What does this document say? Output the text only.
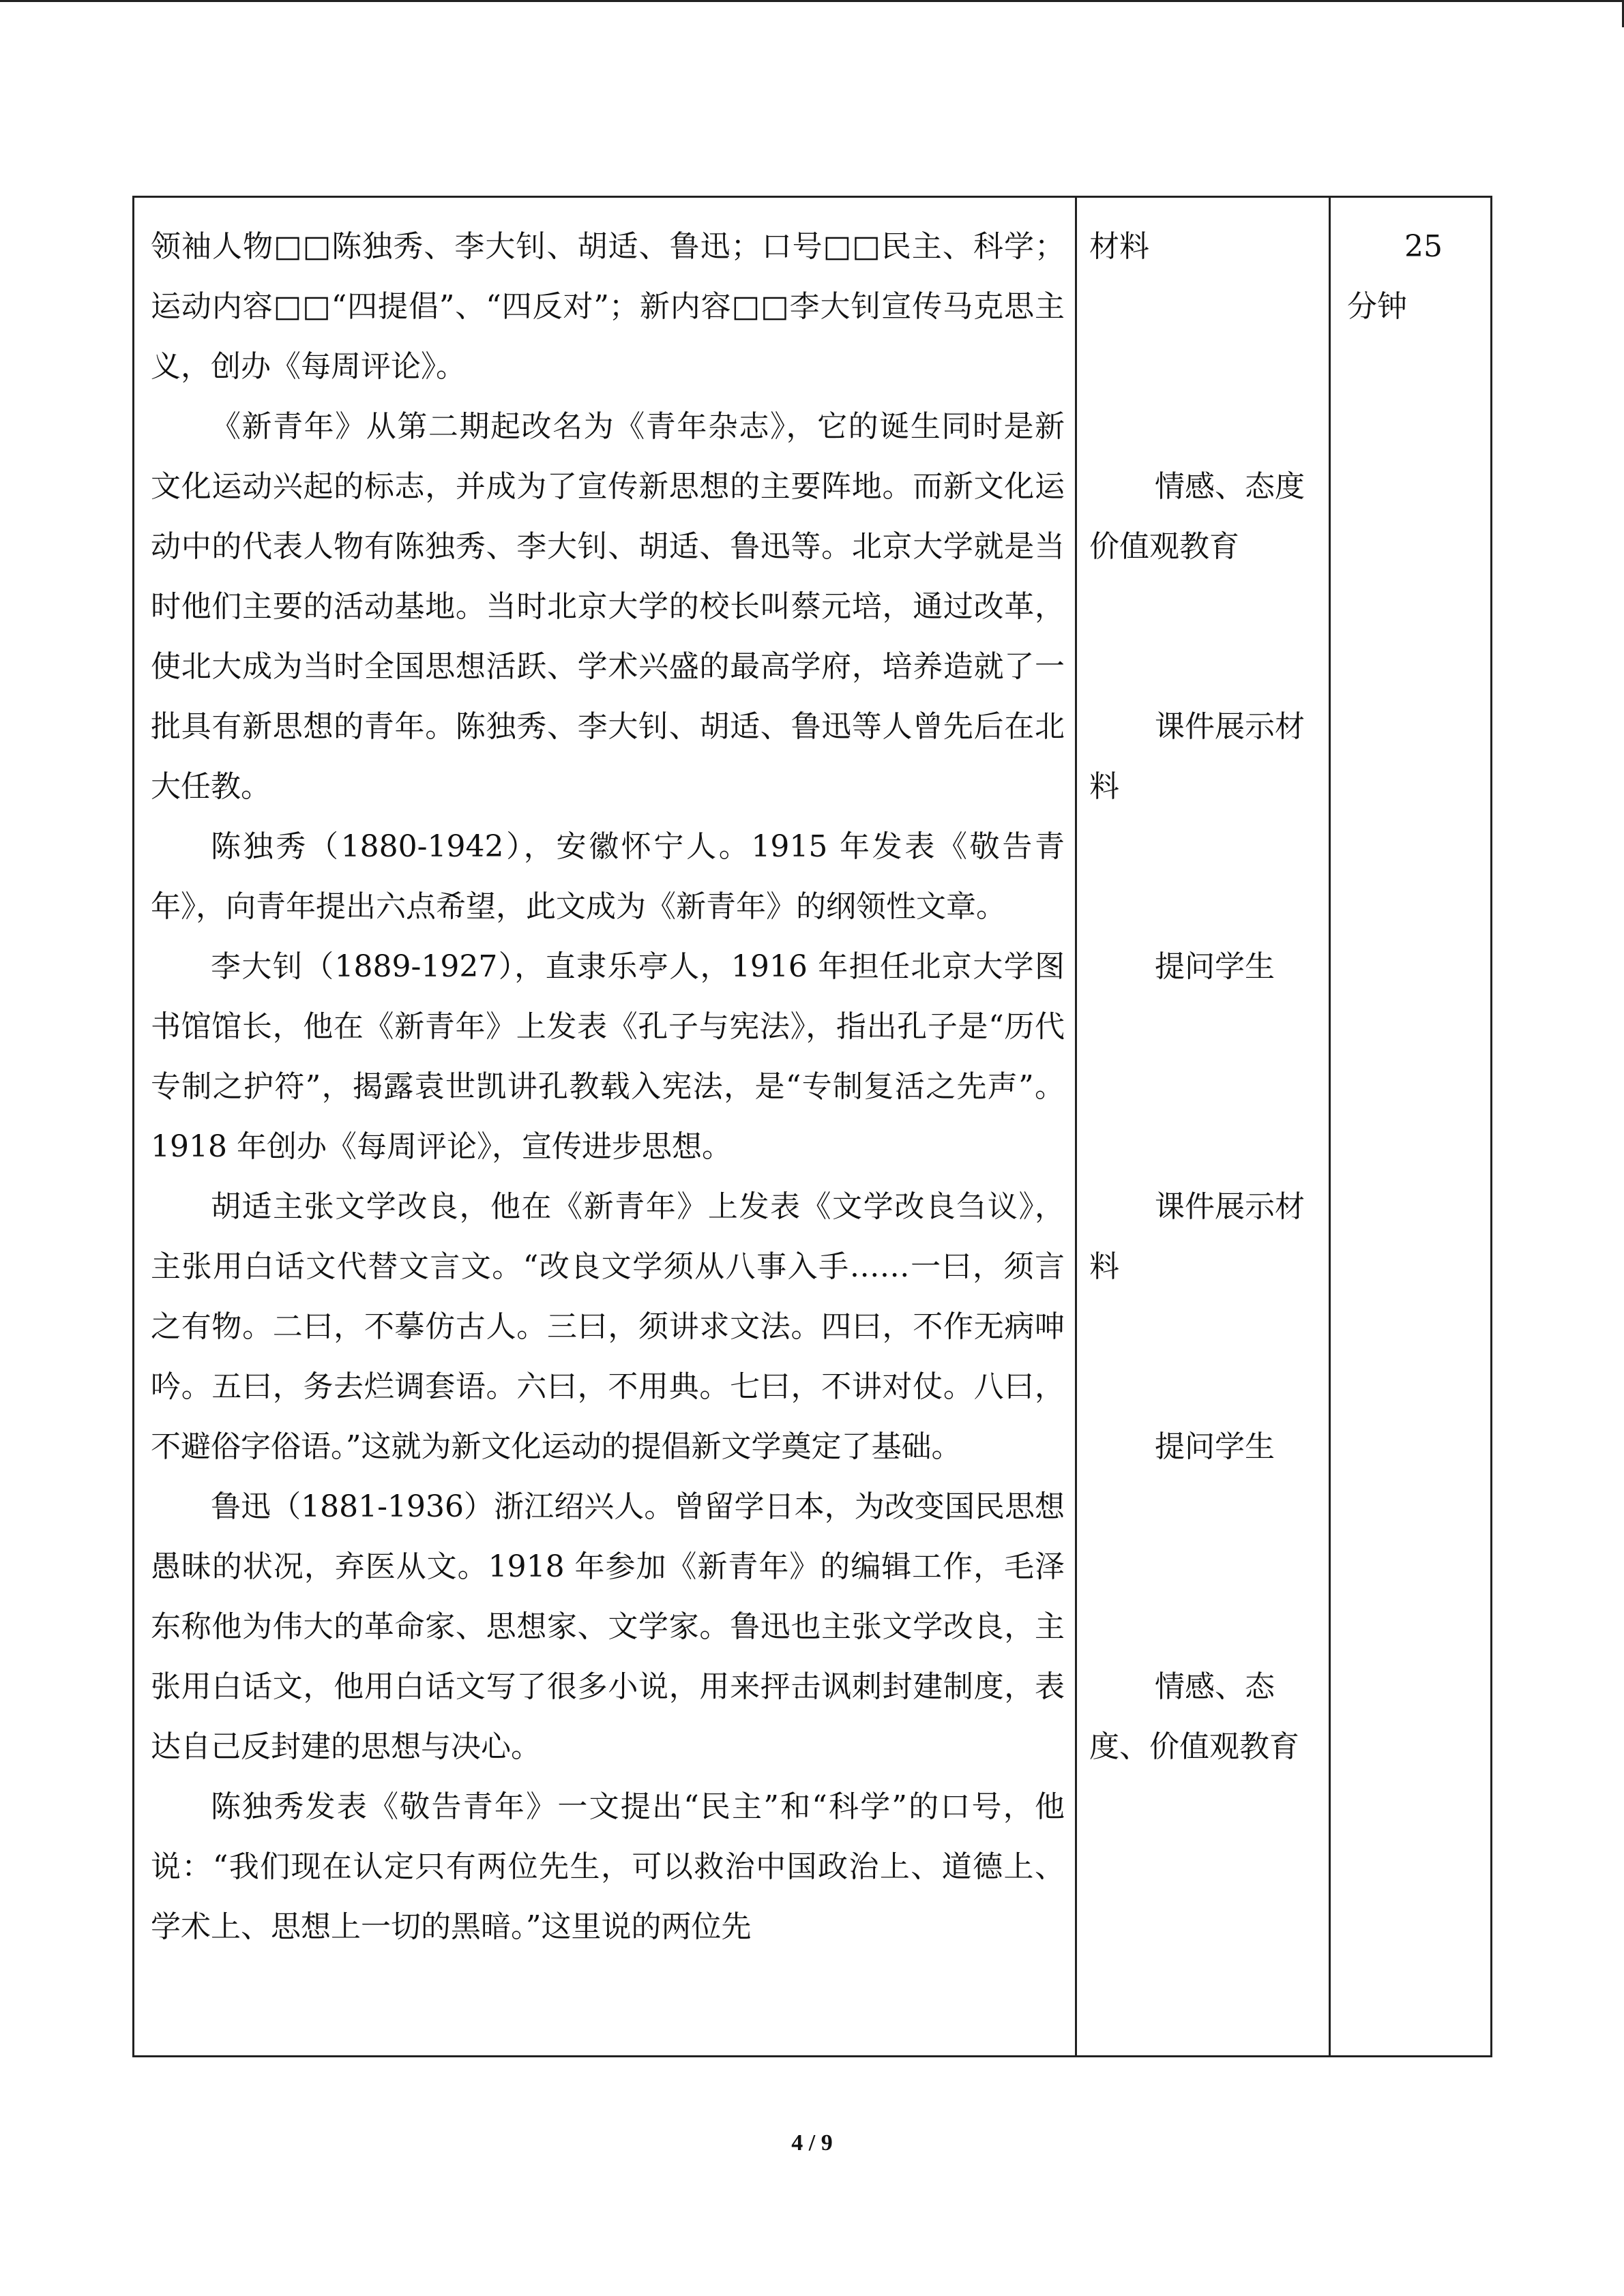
领袖人物□□陈独秀、李大钊、胡适、鲁迅；口号□□民主、科学；运动内容□□“四提倡”、“四反对”；新内容□□李大钊宣传马克思主义，创办《每周评论》。

《新青年》从第二期起改名为《青年杂志》，它的诞生同时是新文化运动兴起的标志，并成为了宣传新思想的主要阵地。而新文化运动中的代表人物有陈独秀、李大钊、胡适、鲁迅等。北京大学就是当时他们主要的活动基地。当时北京大学的校长叫蔡元培，通过改革，使北大成为当时全国思想活跃、学术兴盛的最高学府，培养造就了一批具有新思想的青年。陈独秀、李大钊、胡适、鲁迅等人曾先后在北大任教。

陈独秀（1880-1942），安徽怀宁人。1915 年发表《敬告青年》，向青年提出六点希望，此文成为《新青年》的纲领性文章。

李大钊（1889-1927），直隶乐亭人，1916 年担任北京大学图书馆馆长，他在《新青年》上发表《孔子与宪法》，指出孔子是“历代专制之护符”，揭露袁世凯讲孔教载入宪法，是“专制复活之先声”。1918 年创办《每周评论》，宣传进步思想。

胡适主张文学改良，他在《新青年》上发表《文学改良刍议》，主张用白话文代替文言文。“改良文学须从八事入手……一曰，须言之有物。二曰，不摹仿古人。三曰，须讲求文法。四曰，不作无病呻吟。五曰，务去烂调套语。六曰，不用典。七曰，不讲对仗。八曰，不避俗字俗语。”这就为新文化运动的提倡新文学奠定了基础。

鲁迅（1881-1936）浙江绍兴人。曾留学日本，为改变国民思想愚昧的状况，弃医从文。1918 年参加《新青年》的编辑工作，毛泽东称他为伟大的革命家、思想家、文学家。鲁迅也主张文学改良，主张用白话文，他用白话文写了很多小说，用来抨击讽刺封建制度，表达自己反封建的思想与决心。

陈独秀发表《敬告青年》一文提出“民主”和“科学”的口号，他说：“我们现在认定只有两位先生，可以救治中国政治上、道德上、学术上、思想上一切的黑暗。”这里说的两位先

材料

情感、态度价值观教育

课件展示材料

提问学生

课件展示材料

提问学生

情感、态度、价值观教育

25
分钟
4 / 9
